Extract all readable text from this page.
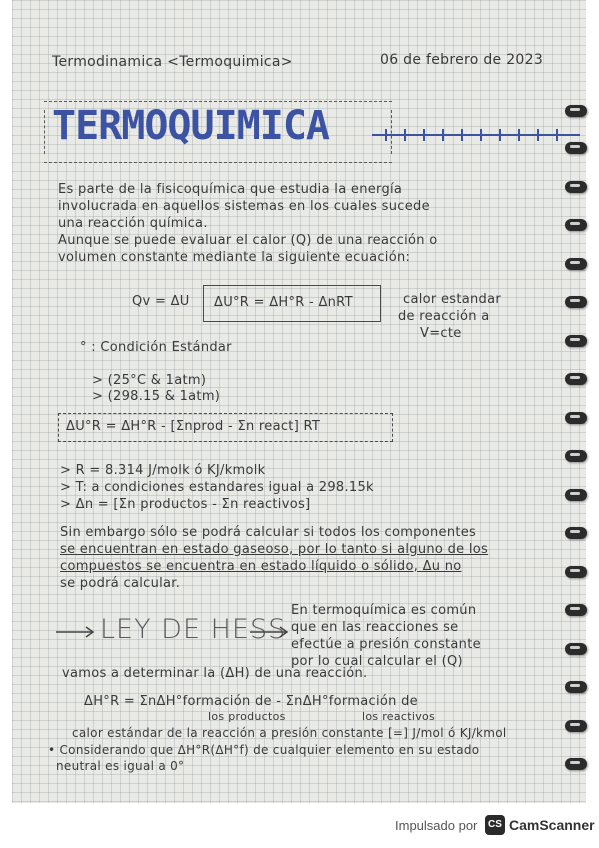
Termodinamica <Termoquimica>	06 de febrero de 2023
TERMOQUIMICA
Es parte de la fisicoquímica que estudia la energía
involucrada en aquellos sistemas en los cuales sucede
una reacción química.
Aunque se puede evaluar el calor (Q) de una reacción o
volumen constante mediante la siguiente ecuación:
Qv = ΔU ΔU°R = ΔH°R - ΔnRT	calor estandar
de reacción a
V=cte
° : Condición Estándar
> (25°C & 1atm)
> (298.15 & 1atm)
ΔU°R = ΔH°R - [Σnprod - Σn react] RT
> R = 8.314 J/molk ó KJ/kmolk
> T: a condiciones estandares igual a 298.15k
> Δn = [Σn productos - Σn reactivos]
Sin embargo sólo se podrá calcular si todos los componentes
se encuentran en estado gaseoso, por lo tanto si alguno de los
compuestos se encuentra en estado líquido o sólido, Δu no
se podrá calcular.
LEY DE HESS
En termoquímica es común
que en las reacciones se
efectúe a presión constante
por lo cual calcular el (Q)
vamos a determinar la (ΔH) de una reacción.
ΔH°R = ΣnΔH°formación de - ΣnΔH°formación de
los productos	los reactivos
calor estándar de la reacción a presión constante [=] J/mol ó KJ/kmol
• Considerando que ΔH°R(ΔH°f) de cualquier elemento en su estado
neutral es igual a 0°
Impulsado por	CS CamScanner
